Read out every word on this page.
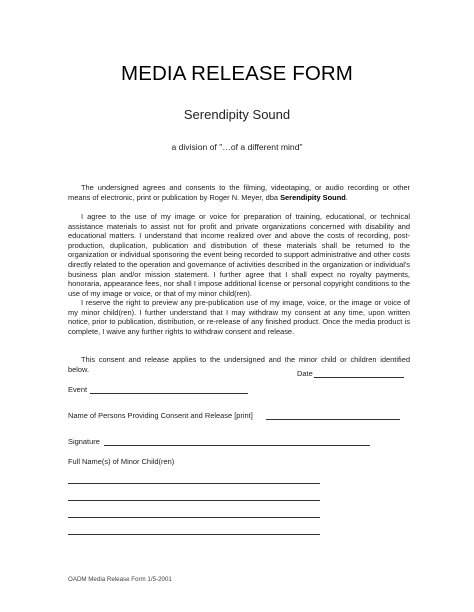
MEDIA RELEASE FORM
Serendipity Sound
a division of "…of a different mind"

The undersigned agrees and consents to the filming, videotaping, or audio recording or other means of electronic, print or publication by Roger N. Meyer, dba Serendipity Sound.

I agree to the use of my image or voice for preparation of training, educational, or technical assistance materials to assist not for profit and private organizations concerned with disability and educational matters. I understand that income realized over and above the costs of recording, post-production, duplication, publication and distribution of these materials shall be returned to the organization or individual sponsoring the event being recorded to support administrative and other costs directly related to the operation and governance of activities described in the organization or individual's business plan and/or mission statement. I further agree that I shall expect no royalty payments, honoraria, appearance fees, nor shall I impose additional license or personal copyright conditions to the use of my image or voice, or that of my minor child(ren).

I reserve the right to preview any pre-publication use of my image, voice, or the image or voice of my minor child(ren). I further understand that I may withdraw my consent at any time, upon written notice, prior to publication, distribution, or re-release of any finished product. Once the media product is complete, I waive any further rights to withdraw consent and release.

This consent and release applies to the undersigned and the minor child or children identified below.	Date
Event
Name of Persons Providing Consent and Release [print]
Signature
Full Name(s) of Minor Child(ren)
OADM Media Release Form 1/5-2001
